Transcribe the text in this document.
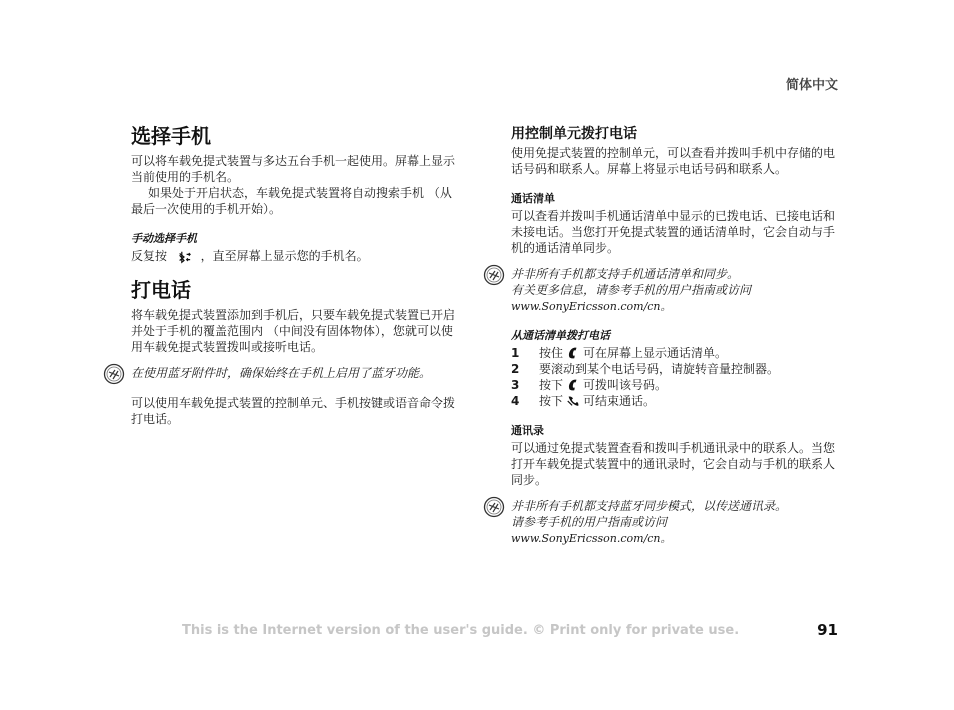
简体中文
选择手机

可以将车载免提式装置与多达五台手机一起使用。屏幕上显示当前使用的手机名。

如果处于开启状态，车载免提式装置将自动搜索手机 （从最后一次使用的手机开始）。

手动选择手机

反复按	，直至屏幕上显示您的手机名。

打电话

将车载免提式装置添加到手机后，只要车载免提式装置已开启并处于手机的覆盖范围内 （中间没有固体物体），您就可以使用车载免提式装置拨叫或接听电话。

在使用蓝牙附件时，确保始终在手机上启用了蓝牙功能。

可以使用车载免提式装置的控制单元、手机按键或语音命令拨打电话。

用控制单元拨打电话

使用免提式装置的控制单元，可以查看并拨叫手机中存储的电话号码和联系人。屏幕上将显示电话号码和联系人。

通话清单

可以查看并拨叫手机通话清单中显示的已拨电话、已接电话和未接电话。当您打开免提式装置的通话清单时，它会自动与手机的通话清单同步。

并非所有手机都支持手机通话清单和同步。

有关更多信息，请参考手机的用户指南或访问

www.SonyEricsson.com/cn。
从通话清单拨打电话
1	按住 可在屏幕上显示通话清单。
2	要滚动到某个电话号码，请旋转音量控制器。
3	按下 可拨叫该号码。
4	按下 可结束通话。
通讯录

可以通过免提式装置查看和拨叫手机通讯录中的联系人。当您打开车载免提式装置中的通讯录时，它会自动与手机的联系人同步。

并非所有手机都支持蓝牙同步模式，以传送通讯录。

请参考手机的用户指南或访问

www.SonyEricsson.com/cn。
This is the Internet version of the user's guide. © Print only for private use.	91
